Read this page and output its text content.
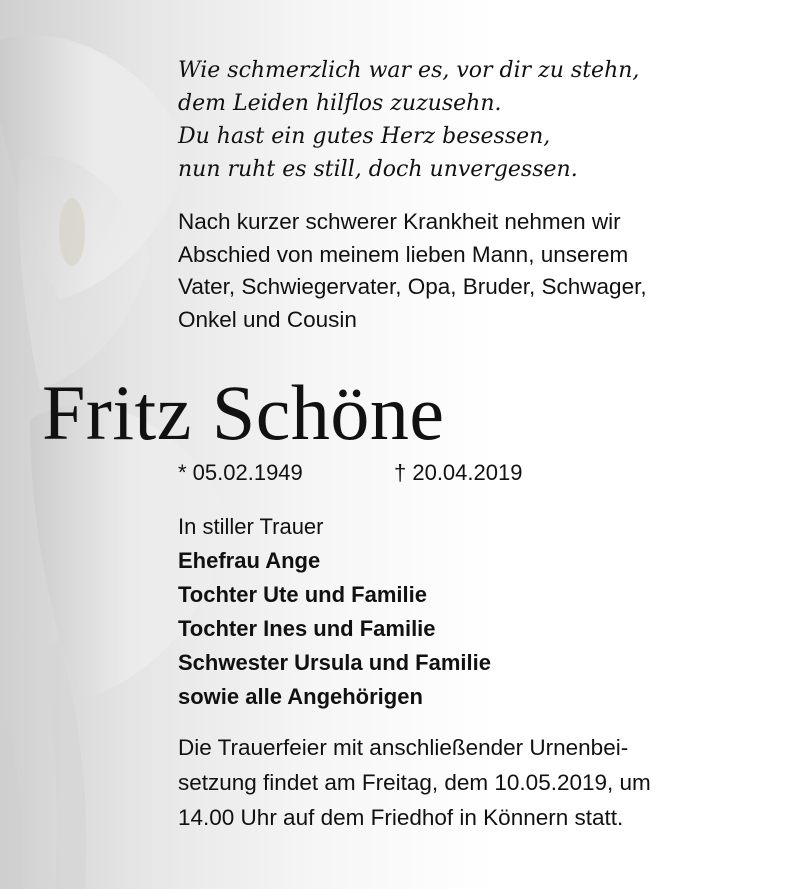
Wie schmerzlich war es, vor dir zu stehn,
dem Leiden hilflos zuzusehn.
Du hast ein gutes Herz besessen,
nun ruht es still, doch unvergessen.
Nach kurzer schwerer Krankheit nehmen wir
Abschied von meinem lieben Mann, unserem
Vater, Schwiegervater, Opa, Bruder, Schwager,
Onkel und Cousin
Fritz Schöne
* 05.02.1949	† 20.04.2019
In stiller Trauer
Ehefrau Ange
Tochter Ute und Familie
Tochter Ines und Familie
Schwester Ursula und Familie
sowie alle Angehörigen
Die Trauerfeier mit anschließender Urnenbei-
setzung findet am Freitag, dem 10.05.2019, um
14.00 Uhr auf dem Friedhof in Könnern statt.
